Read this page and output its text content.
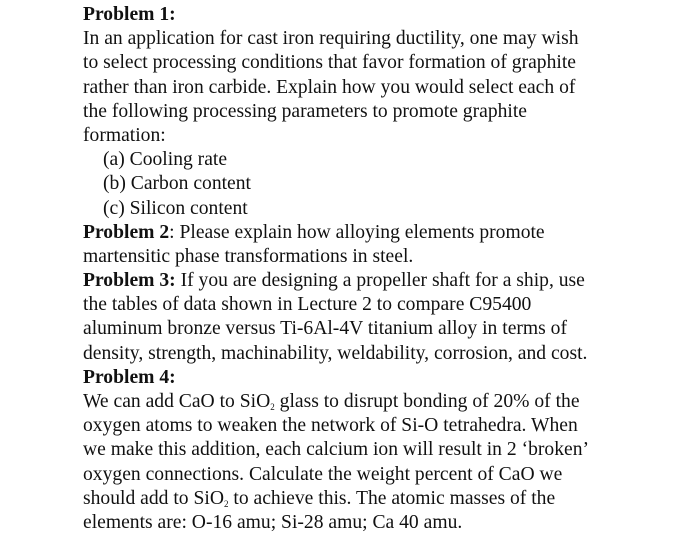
Problem 1:
In an application for cast iron requiring ductility, one may wish
to select processing conditions that favor formation of graphite
rather than iron carbide. Explain how you would select each of
the following processing parameters to promote graphite
formation:
(a) Cooling rate
(b) Carbon content
(c) Silicon content
Problem 2: Please explain how alloying elements promote
martensitic phase transformations in steel.
Problem 3: If you are designing a propeller shaft for a ship, use
the tables of data shown in Lecture 2 to compare C95400
aluminum bronze versus Ti-6Al-4V titanium alloy in terms of
density, strength, machinability, weldability, corrosion, and cost.
Problem 4:
We can add CaO to SiO$_2$ glass to disrupt bonding of 20% of the
oxygen atoms to weaken the network of Si-O tetrahedra. When
we make this addition, each calcium ion will result in 2 ‘broken’
oxygen connections. Calculate the weight percent of CaO we
should add to SiO$_2$ to achieve this. The atomic masses of the
elements are: O-16 amu; Si-28 amu; Ca 40 amu.
